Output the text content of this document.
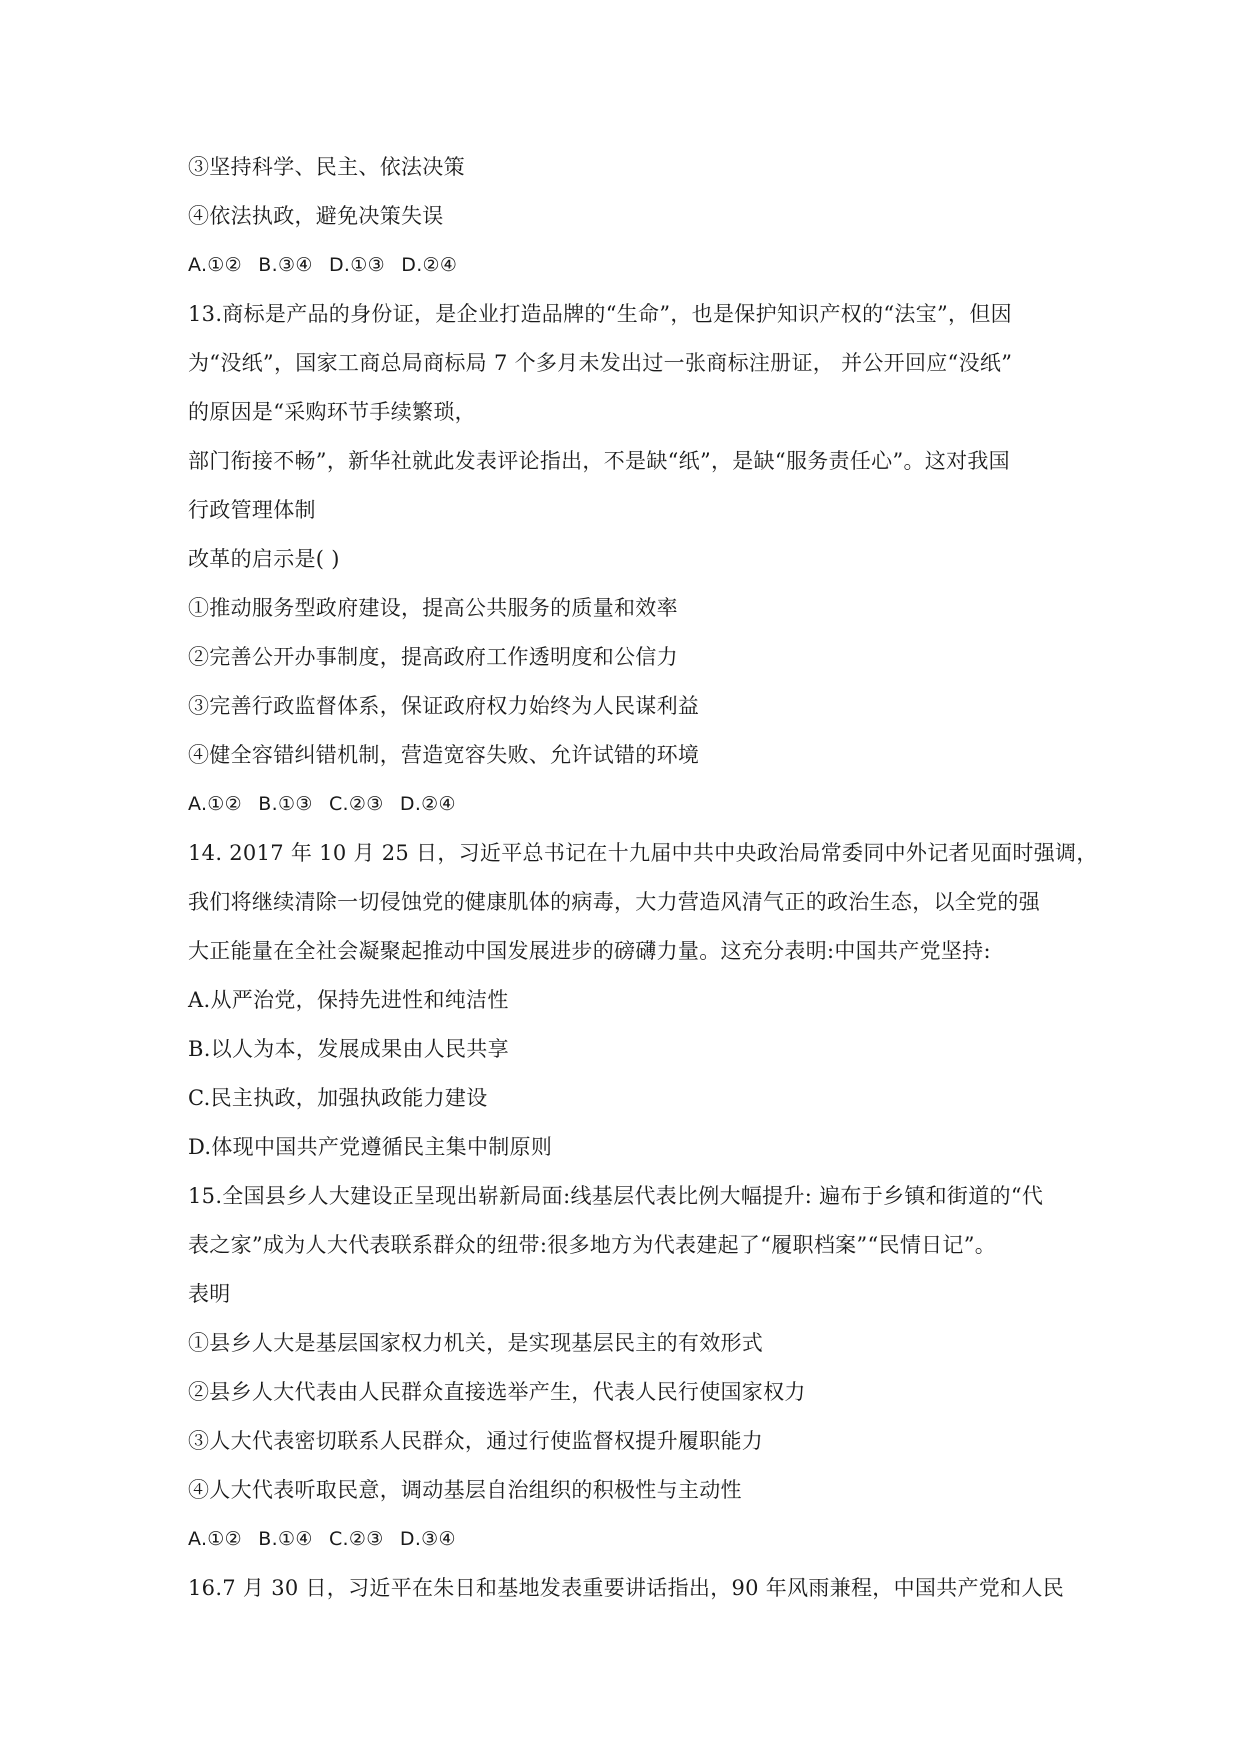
③坚持科学、民主、依法决策
④依法执政，避免决策失误
A.①② B.③④ D.①③ D.②④
13.商标是产品的身份证，是企业打造品牌的“生命”，也是保护知识产权的“法宝”，但因
为“没纸”，国家工商总局商标局 7 个多月未发出过一张商标注册证， 并公开回应“没纸”
的原因是“采购环节手续繁琐，
部门衔接不畅”，新华社就此发表评论指出，不是缺“纸”，是缺“服务责任心”。这对我国
行政管理体制
改革的启示是( )
①推动服务型政府建设，提高公共服务的质量和效率
②完善公开办事制度，提高政府工作透明度和公信力
③完善行政监督体系，保证政府权力始终为人民谋利益
④健全容错纠错机制，营造宽容失败、允许试错的环境
A.①② B.①③ C.②③ D.②④
14. 2017 年 10 月 25 日，习近平总书记在十九届中共中央政治局常委同中外记者见面时强调，
我们将继续清除一切侵蚀党的健康肌体的病毒，大力营造风清气正的政治生态，以全党的强
大正能量在全社会凝聚起推动中国发展进步的磅礴力量。这充分表明:中国共产党坚持:
A.从严治党，保持先进性和纯洁性
B.以人为本，发展成果由人民共享
C.民主执政，加强执政能力建设
D.体现中国共产党遵循民主集中制原则
15.全国县乡人大建设正呈现出崭新局面:线基层代表比例大幅提升: 遍布于乡镇和街道的“代
表之家”成为人大代表联系群众的纽带:很多地方为代表建起了“履职档案”“民情日记”。
表明
①县乡人大是基层国家权力机关，是实现基层民主的有效形式
②县乡人大代表由人民群众直接选举产生，代表人民行使国家权力
③人大代表密切联系人民群众，通过行使监督权提升履职能力
④人大代表听取民意，调动基层自治组织的积极性与主动性
A.①② B.①④ C.②③ D.③④
16.7 月 30 日，习近平在朱日和基地发表重要讲话指出，90 年风雨兼程，中国共产党和人民
